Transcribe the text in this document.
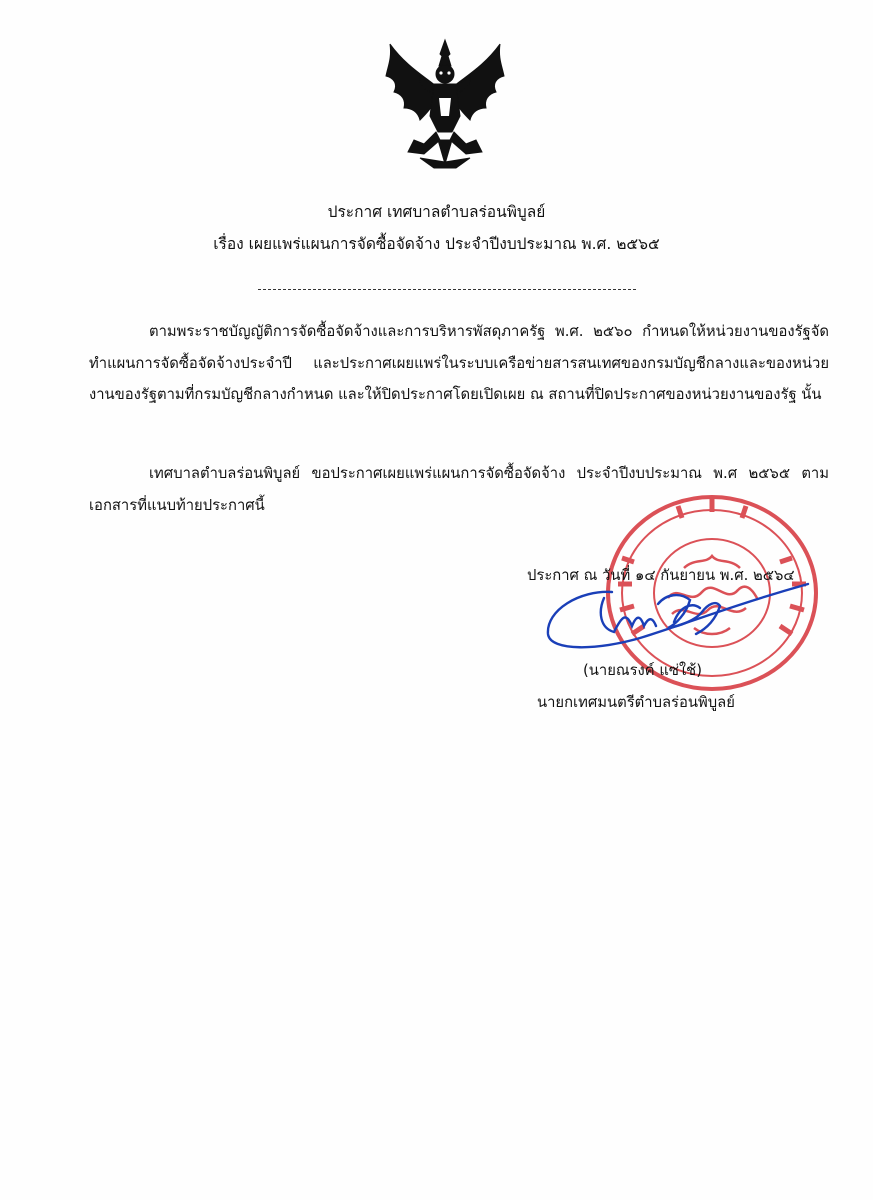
ประกาศ เทศบาลตำบลร่อนพิบูลย์
เรื่อง เผยแพร่แผนการจัดซื้อจัดจ้าง ประจำปีงบประมาณ พ.ศ. ๒๕๖๕
ตามพระราชบัญญัติการจัดซื้อจัดจ้างและการบริหารพัสดุภาครัฐ พ.ศ. ๒๕๖๐ กำหนดให้หน่วยงานของรัฐจัดทำแผนการจัดซื้อจัดจ้างประจำปี และประกาศเผยแพร่ในระบบเครือข่ายสารสนเทศของกรมบัญชีกลางและของหน่วยงานของรัฐตามที่กรมบัญชีกลางกำหนด และให้ปิดประกาศโดยเปิดเผย ณ สถานที่ปิดประกาศของหน่วยงานของรัฐ นั้น
เทศบาลตำบลร่อนพิบูลย์ ขอประกาศเผยแพร่แผนการจัดซื้อจัดจ้าง ประจำปีงบประมาณ พ.ศ ๒๕๖๕ ตามเอกสารที่แนบท้ายประกาศนี้
ประกาศ ณ วันที่ ๑๔ กันยายน พ.ศ. ๒๕๖๔
(นายณรงค์ แซ่ใช้)
นายกเทศมนตรีตำบลร่อนพิบูลย์
